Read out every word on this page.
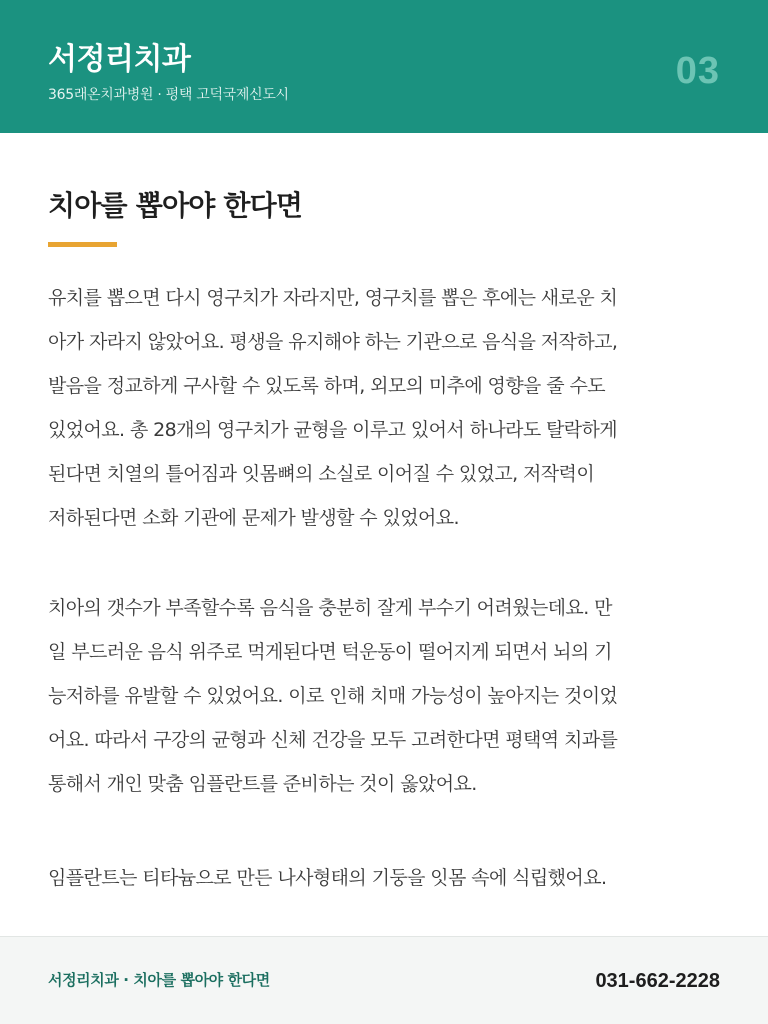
서정리치과
365래온치과병원 · 평택 고덕국제신도시
03
치아를 뽑아야 한다면
유치를 뽑으면 다시 영구치가 자라지만, 영구치를 뽑은 후에는 새로운 치
아가 자라지 않았어요. 평생을 유지해야 하는 기관으로 음식을 저작하고,
발음을 정교하게 구사할 수 있도록 하며, 외모의 미추에 영향을 줄 수도
있었어요. 총 28개의 영구치가 균형을 이루고 있어서 하나라도 탈락하게
된다면 치열의 틀어짐과 잇몸뼈의 소실로 이어질 수 있었고, 저작력이
저하된다면 소화 기관에 문제가 발생할 수 있었어요.
치아의 갯수가 부족할수록 음식을 충분히 잘게 부수기 어려웠는데요. 만
일 부드러운 음식 위주로 먹게된다면 턱운동이 떨어지게 되면서 뇌의 기
능저하를 유발할 수 있었어요. 이로 인해 치매 가능성이 높아지는 것이었
어요. 따라서 구강의 균형과 신체 건강을 모두 고려한다면 평택역 치과를
통해서 개인 맞춤 임플란트를 준비하는 것이 옳았어요.
임플란트는 티타늄으로 만든 나사형태의 기둥을 잇몸 속에 식립했어요.
서정리치과 · 치아를 뽑아야 한다면	031-662-2228
